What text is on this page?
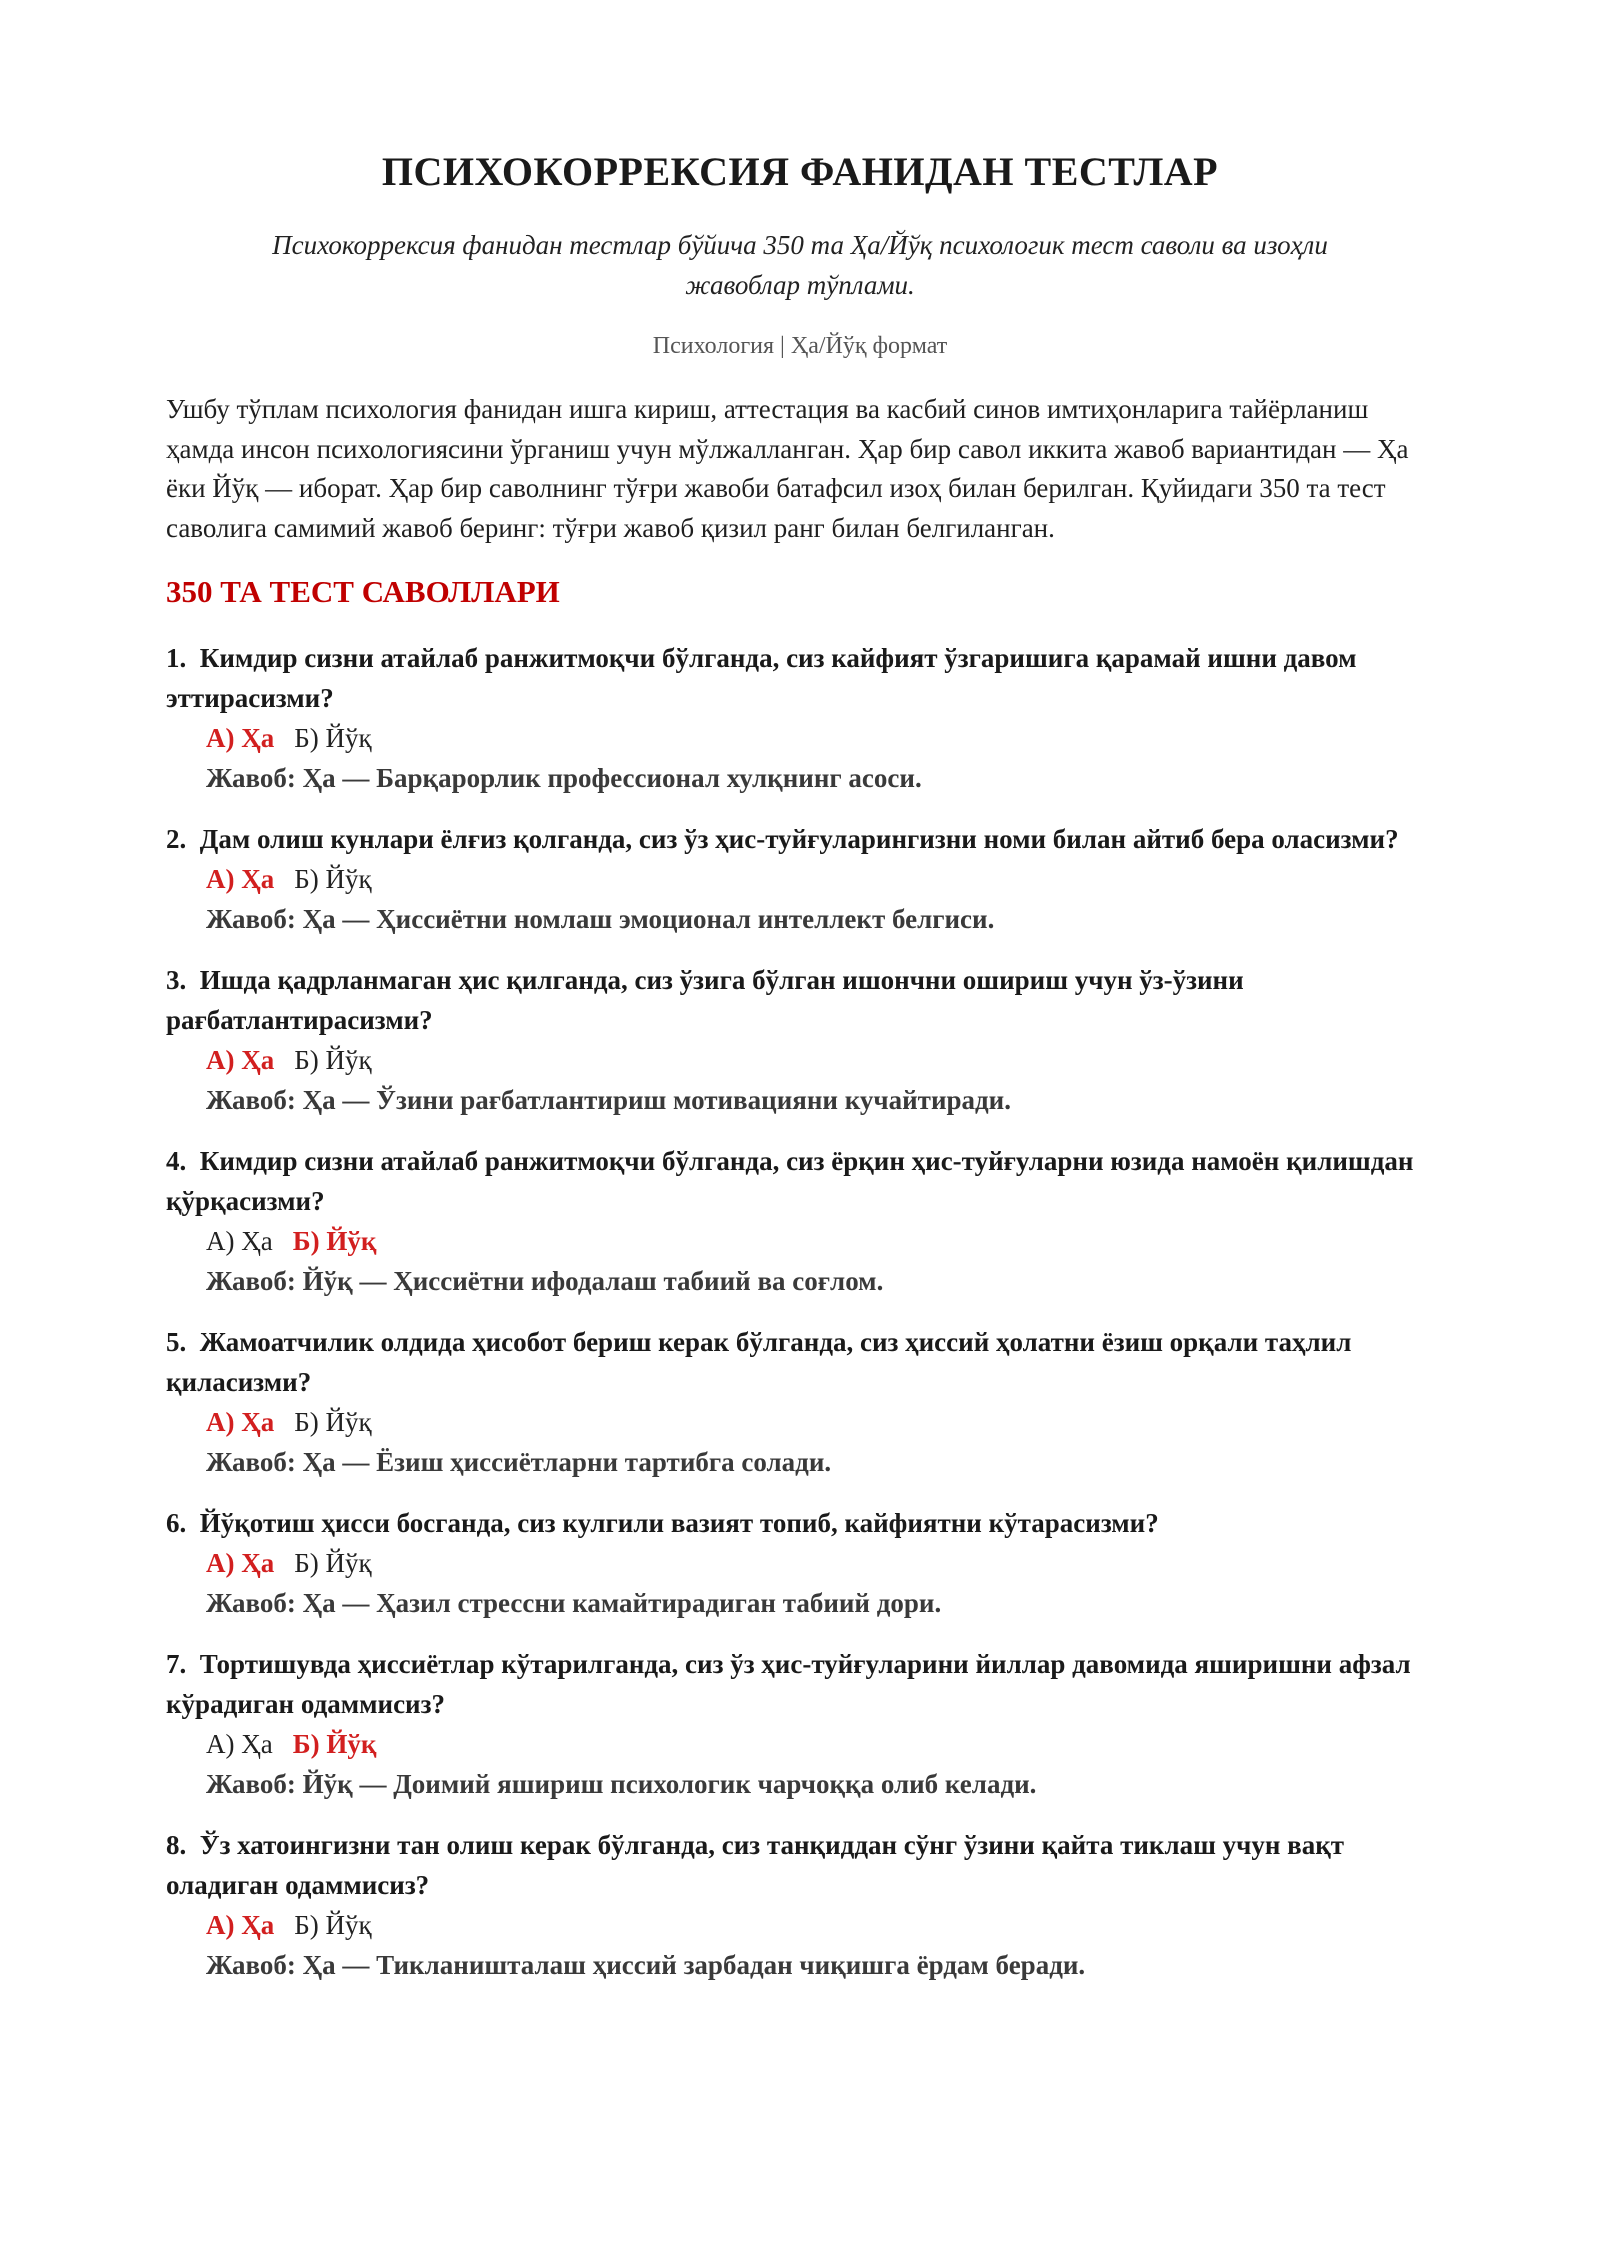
ПСИХОКОРРЕКСИЯ ФАНИДАН ТЕСТЛАР

Психокоррексия фанидан тестлар бўйича 350 та Ҳа/Йўқ психологик тест саволи ва изоҳли жавоблар тўплами.

Психология | Ҳа/Йўқ формат

Ушбу тўплам психология фанидан ишга кириш, аттестация ва касбий синов имтиҳонларига тайёрланиш ҳамда инсон психологиясини ўрганиш учун мўлжалланган. Ҳар бир савол иккита жавоб вариантидан — Ҳа ёки Йўқ — иборат. Ҳар бир саволнинг тўғри жавоби батафсил изоҳ билан берилган. Қуйидаги 350 та тест саволига самимий жавоб беринг: тўғри жавоб қизил ранг билан белгиланган.

350 ТА ТЕСТ САВОЛЛАРИ
1. Кимдир сизни атайлаб ранжитмоқчи бўлганда, сиз кайфият ўзгаришига қарамай ишни давом эттирасизми?
А) Ҳа Б) Йўқ
Жавоб: Ҳа — Барқарорлик профессионал хулқнинг асоси.
2. Дам олиш кунлари ёлғиз қолганда, сиз ўз ҳис-туйғуларингизни номи билан айтиб бера оласизми?
А) Ҳа Б) Йўқ
Жавоб: Ҳа — Ҳиссиётни номлаш эмоционал интеллект белгиси.
3. Ишда қадрланмаган ҳис қилганда, сиз ўзига бўлган ишончни ошириш учун ўз-ўзини рағбатлантирасизми?
А) Ҳа Б) Йўқ
Жавоб: Ҳа — Ўзини рағбатлантириш мотивацияни кучайтиради.
4. Кимдир сизни атайлаб ранжитмоқчи бўлганда, сиз ёрқин ҳис-туйғуларни юзида намоён қилишдан қўрқасизми?
А) Ҳа Б) Йўқ
Жавоб: Йўқ — Ҳиссиётни ифодалаш табиий ва соғлом.
5. Жамоатчилик олдида ҳисобот бериш керак бўлганда, сиз ҳиссий ҳолатни ёзиш орқали таҳлил қиласизми?
А) Ҳа Б) Йўқ
Жавоб: Ҳа — Ёзиш ҳиссиётларни тартибга солади.
6. Йўқотиш ҳисси босганда, сиз кулгили вазият топиб, кайфиятни кўтарасизми?
А) Ҳа Б) Йўқ
Жавоб: Ҳа — Ҳазил стрессни камайтирадиган табиий дори.
7. Тортишувда ҳиссиётлар кўтарилганда, сиз ўз ҳис-туйғуларини йиллар давомида яширишни афзал кўрадиган одаммисиз?
А) Ҳа Б) Йўқ
Жавоб: Йўқ — Доимий яшириш психологик чарчоққа олиб келади.
8. Ўз хатоингизни тан олиш керак бўлганда, сиз танқиддан сўнг ўзини қайта тиклаш учун вақт оладиган одаммисиз?
А) Ҳа Б) Йўқ
Жавоб: Ҳа — Тикланишталаш ҳиссий зарбадан чиқишга ёрдам беради.
